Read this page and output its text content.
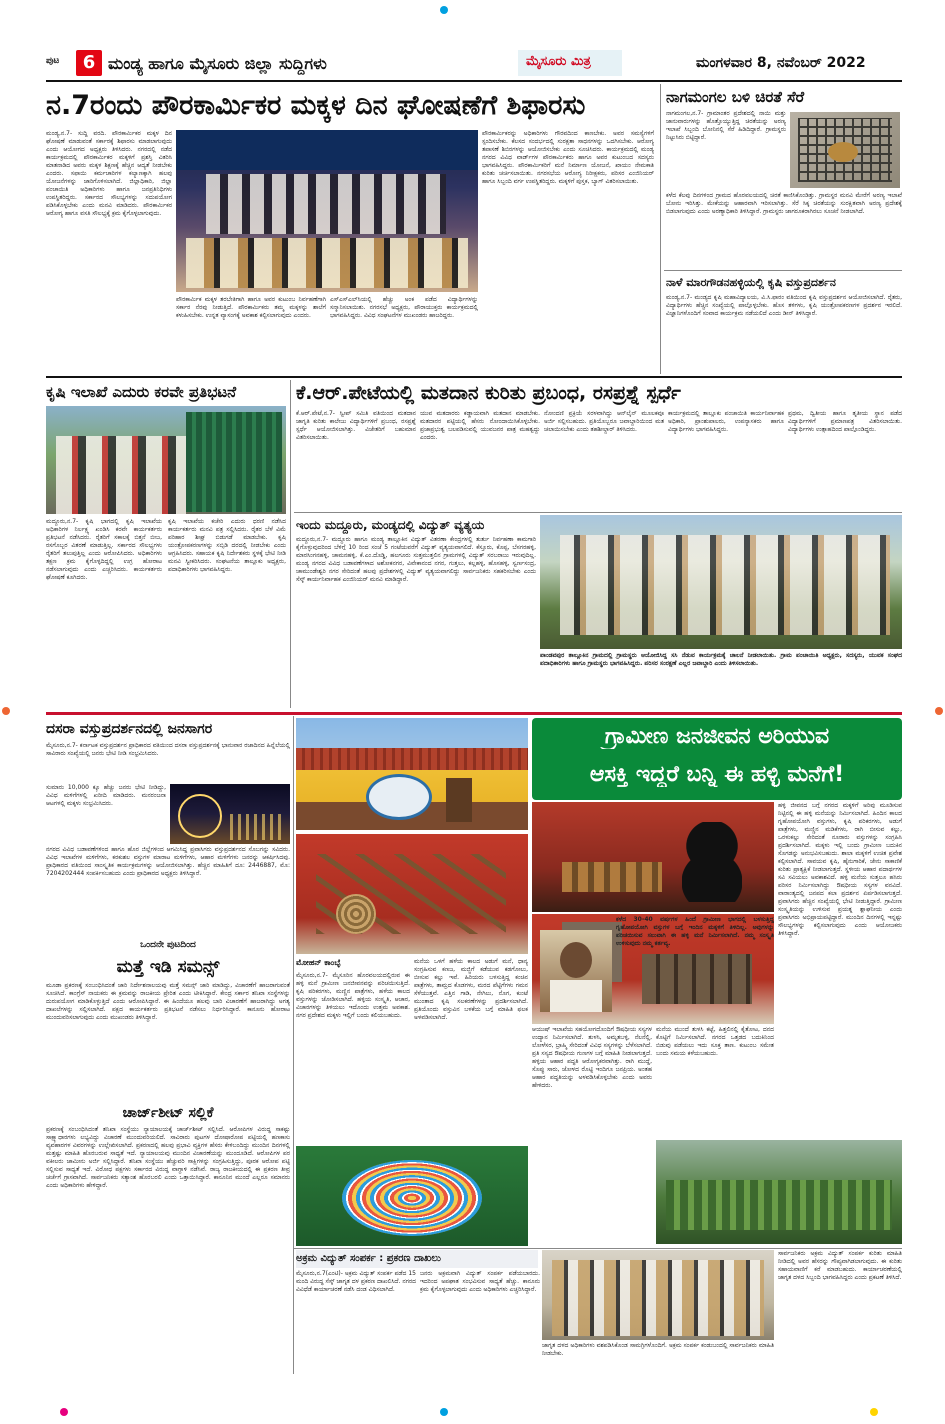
ಪುಟ	6 ಮಂಡ್ಯ ಹಾಗೂ ಮೈಸೂರು ಜಿಲ್ಲಾ ಸುದ್ದಿಗಳು	ಮೈಸೂರು ಮಿತ್ರ	ಮಂಗಳವಾರ 8, ನವೆಂಬರ್ 2022
ನ.7ರಂದು ಪೌರಕಾರ್ಮಿಕರ ಮಕ್ಕಳ ದಿನ ಘೋಷಣೆಗೆ ಶಿಫಾರಸು
ಮಂಡ್ಯ,ನ.7- ಸುದ್ದಿ ವರದಿ. ಪೌರಕಾರ್ಮಿಕರ ಮಕ್ಕಳ ದಿನ ಘೋಷಣೆ ಮಾಡುವಂತೆ ಸರ್ಕಾರಕ್ಕೆ ಶಿಫಾರಸು ಮಾಡಲಾಗುವುದು ಎಂದು ಆಯೋಗದ ಅಧ್ಯಕ್ಷರು ತಿಳಿಸಿದರು. ನಗರದಲ್ಲಿ ನಡೆದ ಕಾರ್ಯಕ್ರಮದಲ್ಲಿ ಪೌರಕಾರ್ಮಿಕರ ಮಕ್ಕಳಿಗೆ ಪ್ರಶಸ್ತಿ ವಿತರಿಸಿ ಮಾತನಾಡಿದ ಅವರು ಮಕ್ಕಳ ಶಿಕ್ಷಣಕ್ಕೆ ಹೆಚ್ಚಿನ ಆದ್ಯತೆ ನೀಡಬೇಕು ಎಂದರು. ಸಫಾಯಿ ಕರ್ಮಚಾರಿಗಳ ಕಲ್ಯಾಣಕ್ಕಾಗಿ ಹಲವು ಯೋಜನೆಗಳನ್ನು ಜಾರಿಗೊಳಿಸಲಾಗಿದೆ. ಜಿಲ್ಲಾಧಿಕಾರಿ, ಜಿಲ್ಲಾ ಪಂಚಾಯಿತಿ ಅಧಿಕಾರಿಗಳು ಹಾಗೂ ಜನಪ್ರತಿನಿಧಿಗಳು ಉಪಸ್ಥಿತರಿದ್ದರು. ಸರ್ಕಾರದ ಸೌಲಭ್ಯಗಳನ್ನು ಸದುಪಯೋಗ ಪಡಿಸಿಕೊಳ್ಳಬೇಕು ಎಂದು ಮನವಿ ಮಾಡಿದರು. ಪೌರಕಾರ್ಮಿಕರ ಆರೋಗ್ಯ ಹಾಗೂ ವಸತಿ ಸೌಲಭ್ಯಕ್ಕೆ ಕ್ರಮ ಕೈಗೊಳ್ಳಲಾಗುವುದು.
ಪೌರಕಾರ್ಮಿಕ ಮಕ್ಕಳ ತರಬೇತಿಗಾಗಿ ಹಾಗೂ ಅವರ ಕುಟುಂಬ ನಿರ್ವಹಣೆಗಾಗಿ ಸರ್ಕಾರ ನೆರವು ನೀಡುತ್ತಿದೆ. ಪೌರಕಾರ್ಮಿಕರು ತಮ್ಮ ಮಕ್ಕಳನ್ನು ಶಾಲೆಗೆ ಕಳುಹಿಸಬೇಕು. ಉನ್ನತ ವ್ಯಾಸಂಗಕ್ಕೆ ಅವಕಾಶ ಕಲ್ಪಿಸಲಾಗುವುದು ಎಂದರು.
ಎಸ್‌ಎಸ್‌ಎಲ್‌ಸಿಯಲ್ಲಿ ಹೆಚ್ಚು ಅಂಕ ಪಡೆದ ವಿದ್ಯಾರ್ಥಿಗಳನ್ನು ಸನ್ಮಾನಿಸಲಾಯಿತು. ನಗರಸಭೆ ಅಧ್ಯಕ್ಷರು, ಪೌರಾಯುಕ್ತರು ಕಾರ್ಯಕ್ರಮದಲ್ಲಿ ಭಾಗವಹಿಸಿದ್ದರು. ವಿವಿಧ ಸಂಘಟನೆಗಳ ಮುಖಂಡರು ಹಾಜರಿದ್ದರು.
ಪೌರಕಾರ್ಮಿಕರನ್ನು ಅಧಿಕಾರಿಗಳು ಗೌರವದಿಂದ ಕಾಣಬೇಕು. ಅವರ ಸಮಸ್ಯೆಗಳಿಗೆ ಸ್ಪಂದಿಸಬೇಕು. ಕೆಲಸದ ಸಂದರ್ಭದಲ್ಲಿ ಸುರಕ್ಷತಾ ಸಾಧನಗಳನ್ನು ಒದಗಿಸಬೇಕು. ಆರೋಗ್ಯ ತಪಾಸಣೆ ಶಿಬಿರಗಳನ್ನು ಆಯೋಜಿಸಬೇಕು ಎಂದು ಸೂಚಿಸಿದರು. ಕಾರ್ಯಕ್ರಮದಲ್ಲಿ ಮಂಡ್ಯ ನಗರದ ವಿವಿಧ ವಾರ್ಡ್‌ಗಳ ಪೌರಕಾರ್ಮಿಕರು ಹಾಗೂ ಅವರ ಕುಟುಂಬದ ಸದಸ್ಯರು ಭಾಗವಹಿಸಿದ್ದರು. ಪೌರಕಾರ್ಮಿಕರಿಗೆ ಮನೆ ನಿರ್ಮಾಣ ಯೋಜನೆ, ಖಾಯಂ ನೇಮಕಾತಿ ಕುರಿತು ಚರ್ಚಿಸಲಾಯಿತು. ನಗರಸಭೆಯ ಆರೋಗ್ಯ ನಿರೀಕ್ಷಕರು, ಪರಿಸರ ಎಂಜಿನಿಯರ್ ಹಾಗೂ ಸಿಬ್ಬಂದಿ ವರ್ಗ ಉಪಸ್ಥಿತರಿದ್ದರು. ಮಕ್ಕಳಿಗೆ ಪುಸ್ತಕ, ಬ್ಯಾಗ್ ವಿತರಿಸಲಾಯಿತು.
ನಾಗಮಂಗಲ ಬಳಿ ಚಿರತೆ ಸೆರೆ
ನಾಗಮಂಗಲ,ನ.7- ಗ್ರಾಮಾಂತರ ಪ್ರದೇಶದಲ್ಲಿ ನಾಯಿ ಮತ್ತು ಜಾನುವಾರುಗಳನ್ನು ಹೊತ್ತೊಯ್ಯುತ್ತಿದ್ದ ಚಿರತೆಯನ್ನು ಅರಣ್ಯ ಇಲಾಖೆ ಸಿಬ್ಬಂದಿ ಬೋನಿನಲ್ಲಿ ಸೆರೆ ಹಿಡಿದಿದ್ದಾರೆ. ಗ್ರಾಮಸ್ಥರು ನಿಟ್ಟುಸಿರು ಬಿಟ್ಟಿದ್ದಾರೆ.
ಕಳೆದ ಕೆಲವು ದಿನಗಳಿಂದ ಗ್ರಾಮದ ಹೊರವಲಯದಲ್ಲಿ ಚಿರತೆ ಕಾಣಿಸಿಕೊಂಡಿತ್ತು. ಗ್ರಾಮಸ್ಥರ ಮನವಿ ಮೇರೆಗೆ ಅರಣ್ಯ ಇಲಾಖೆ ಬೋನು ಇರಿಸಿತ್ತು. ಮೇಕೆಯನ್ನು ಆಹಾರವಾಗಿ ಇರಿಸಲಾಗಿತ್ತು. ಸೆರೆ ಸಿಕ್ಕ ಚಿರತೆಯನ್ನು ಸುರಕ್ಷಿತವಾಗಿ ಅರಣ್ಯ ಪ್ರದೇಶಕ್ಕೆ ಬಿಡಲಾಗುವುದು ಎಂದು ಅರಣ್ಯಾಧಿಕಾರಿ ತಿಳಿಸಿದ್ದಾರೆ. ಗ್ರಾಮಸ್ಥರು ಜಾಗರೂಕರಾಗಿರಲು ಸೂಚನೆ ನೀಡಲಾಗಿದೆ.
ನಾಳೆ ಮಾರಗೌಡನಹಳ್ಳಿಯಲ್ಲಿ ಕೃಷಿ ವಸ್ತುಪ್ರದರ್ಶನ
ಮಂಡ್ಯ,ನ.7- ಮಂಡ್ಯದ ಕೃಷಿ ಮಹಾವಿದ್ಯಾಲಯ, ವಿ.ಸಿ.ಫಾರಂ ವತಿಯಿಂದ ಕೃಷಿ ವಸ್ತುಪ್ರದರ್ಶನ ಆಯೋಜಿಸಲಾಗಿದೆ. ರೈತರು, ವಿದ್ಯಾರ್ಥಿಗಳು ಹೆಚ್ಚಿನ ಸಂಖ್ಯೆಯಲ್ಲಿ ಪಾಲ್ಗೊಳ್ಳಬೇಕು. ಹೊಸ ತಳಿಗಳು, ಕೃಷಿ ಯಂತ್ರೋಪಕರಣಗಳ ಪ್ರದರ್ಶನ ಇರಲಿದೆ. ವಿಜ್ಞಾನಿಗಳೊಂದಿಗೆ ಸಂವಾದ ಕಾರ್ಯಕ್ರಮ ನಡೆಯಲಿದೆ ಎಂದು ಡೀನ್ ತಿಳಿಸಿದ್ದಾರೆ.
ಕೃಷಿ ಇಲಾಖೆ ಎದುರು ಕರವೇ ಪ್ರತಿಭಟನೆ
ಮದ್ದೂರು,ನ.7- ಕೃಷಿ ಭಾಗದಲ್ಲಿ ಕೃಷಿ ಇಲಾಖೆಯ ಅಧಿಕಾರಿಗಳ ನಿರ್ಲಕ್ಷ್ಯ ಖಂಡಿಸಿ ಕರವೇ ಕಾರ್ಯಕರ್ತರು ಪ್ರತಿಭಟನೆ ನಡೆಸಿದರು. ರೈತರಿಗೆ ಸಕಾಲಕ್ಕೆ ಬಿತ್ತನೆ ಬೀಜ, ರಸಗೊಬ್ಬರ ವಿತರಣೆ ಮಾಡುತ್ತಿಲ್ಲ. ಸರ್ಕಾರದ ಸೌಲಭ್ಯಗಳು ರೈತರಿಗೆ ತಲುಪುತ್ತಿಲ್ಲ ಎಂದು ಆರೋಪಿಸಿದರು. ಅಧಿಕಾರಿಗಳು ತಕ್ಷಣ ಕ್ರಮ ಕೈಗೊಳ್ಳದಿದ್ದಲ್ಲಿ ಉಗ್ರ ಹೋರಾಟ ನಡೆಸಲಾಗುವುದು ಎಂದು ಎಚ್ಚರಿಸಿದರು. ಕಾರ್ಯಕರ್ತರು ಘೋಷಣೆ ಕೂಗಿದರು.
ಕೃಷಿ ಇಲಾಖೆಯ ಕಚೇರಿ ಎದುರು ಧರಣಿ ನಡೆಸಿದ ಕಾರ್ಯಕರ್ತರು ಮನವಿ ಪತ್ರ ಸಲ್ಲಿಸಿದರು. ರೈತರ ಬೆಳೆ ವಿಮೆ ಪರಿಹಾರ ಶೀಘ್ರ ಬಿಡುಗಡೆ ಮಾಡಬೇಕು. ಕೃಷಿ ಯಂತ್ರೋಪಕರಣಗಳನ್ನು ಸಬ್ಸಿಡಿ ದರದಲ್ಲಿ ನೀಡಬೇಕು ಎಂದು ಆಗ್ರಹಿಸಿದರು. ಸಹಾಯಕ ಕೃಷಿ ನಿರ್ದೇಶಕರು ಸ್ಥಳಕ್ಕೆ ಭೇಟಿ ನೀಡಿ ಮನವಿ ಸ್ವೀಕರಿಸಿದರು. ಸಂಘಟನೆಯ ತಾಲ್ಲೂಕು ಅಧ್ಯಕ್ಷರು, ಪದಾಧಿಕಾರಿಗಳು ಭಾಗವಹಿಸಿದ್ದರು.
ಕೆ.ಆರ್.ಪೇಟೆಯಲ್ಲಿ ಮತದಾನ ಕುರಿತು ಪ್ರಬಂಧ, ರಸಪ್ರಶ್ನೆ ಸ್ಪರ್ಧೆ
ಕೆ.ಆರ್.ಪೇಟೆ,ನ.7- ಸ್ವೀಪ್ ಸಮಿತಿ ವತಿಯಿಂದ ಮತದಾನ ಜಾಗೃತಿ ಕುರಿತು ಕಾಲೇಜು ವಿದ್ಯಾರ್ಥಿಗಳಿಗೆ ಪ್ರಬಂಧ, ರಸಪ್ರಶ್ನೆ ಸ್ಪರ್ಧೆ ಆಯೋಜಿಸಲಾಗಿತ್ತು. ವಿಜೇತರಿಗೆ ಬಹುಮಾನ ವಿತರಿಸಲಾಯಿತು.
ಯುವ ಮತದಾರರು ಕಡ್ಡಾಯವಾಗಿ ಮತದಾನ ಮಾಡಬೇಕು. ಮತದಾರರ ಪಟ್ಟಿಯಲ್ಲಿ ಹೆಸರು ನೋಂದಾಯಿಸಿಕೊಳ್ಳಬೇಕು. ಪ್ರಜಾಪ್ರಭುತ್ವ ಬಲಪಡಿಸುವಲ್ಲಿ ಯುವಜನರ ಪಾತ್ರ ಮಹತ್ವದ್ದು ಎಂದರು.
ನೋಂದಣಿ ಪ್ರಕ್ರಿಯೆ ಸರಳವಾಗಿದ್ದು ಆನ್‌ಲೈನ್ ಮೂಲಕವೂ ಅರ್ಜಿ ಸಲ್ಲಿಸಬಹುದು. ಪ್ರತಿಯೊಬ್ಬರೂ ಜವಾಬ್ದಾರಿಯಿಂದ ಮತ ಚಲಾಯಿಸಬೇಕು ಎಂದು ತಹಶೀಲ್ದಾರ್ ತಿಳಿಸಿದರು.
ಕಾರ್ಯಕ್ರಮದಲ್ಲಿ ತಾಲ್ಲೂಕು ಪಂಚಾಯಿತಿ ಕಾರ್ಯನಿರ್ವಾಹಕ ಅಧಿಕಾರಿ, ಪ್ರಾಂಶುಪಾಲರು, ಉಪನ್ಯಾಸಕರು ಹಾಗೂ ವಿದ್ಯಾರ್ಥಿಗಳು ಭಾಗವಹಿಸಿದ್ದರು.
ಪ್ರಥಮ, ದ್ವಿತೀಯ ಹಾಗೂ ತೃತೀಯ ಸ್ಥಾನ ಪಡೆದ ವಿದ್ಯಾರ್ಥಿಗಳಿಗೆ ಪ್ರಮಾಣಪತ್ರ ವಿತರಿಸಲಾಯಿತು. ವಿದ್ಯಾರ್ಥಿಗಳು ಉತ್ಸಾಹದಿಂದ ಪಾಲ್ಗೊಂಡಿದ್ದರು.
ಇಂದು ಮದ್ದೂರು, ಮಂಡ್ಯದಲ್ಲಿ ವಿದ್ಯುತ್ ವ್ಯತ್ಯಯ
ಮದ್ದೂರು,ನ.7- ಮದ್ದೂರು ಹಾಗೂ ಮಂಡ್ಯ ತಾಲ್ಲೂಕಿನ ವಿದ್ಯುತ್ ವಿತರಣಾ ಕೇಂದ್ರಗಳಲ್ಲಿ ತುರ್ತು ನಿರ್ವಹಣಾ ಕಾಮಗಾರಿ ಕೈಗೊಳ್ಳುವುದರಿಂದ ಬೆಳಿಗ್ಗೆ 10 ರಿಂದ ಸಂಜೆ 5 ಗಂಟೆಯವರೆಗೆ ವಿದ್ಯುತ್ ವ್ಯತ್ಯಯವಾಗಲಿದೆ. ಕೆಸ್ತೂರು, ಕೊಪ್ಪ, ಬೆಸಗರಹಳ್ಳಿ, ಮಾರಸಿಂಗನಹಳ್ಳಿ, ಚಾಮನಹಳ್ಳಿ, ಕೆ.ಎಂ.ದೊಡ್ಡಿ, ಹಲಗೂರು ಸುತ್ತಮುತ್ತಲಿನ ಗ್ರಾಮಗಳಲ್ಲಿ ವಿದ್ಯುತ್ ಸರಬರಾಜು ಇರುವುದಿಲ್ಲ. ಮಂಡ್ಯ ನಗರದ ವಿವಿಧ ಬಡಾವಣೆಗಳಾದ ಅಶೋಕನಗರ, ವಿವೇಕಾನಂದ ನಗರ, ಗುತ್ತಲು, ಕಲ್ಲಹಳ್ಳಿ, ಹೊಸಹಳ್ಳಿ, ಸ್ವರ್ಣಸಂದ್ರ, ಚಾಮುಂಡೇಶ್ವರಿ ನಗರ ಸೇರಿದಂತೆ ಹಲವು ಪ್ರದೇಶಗಳಲ್ಲಿ ವಿದ್ಯುತ್ ವ್ಯತ್ಯಯವಾಗಲಿದ್ದು ಸಾರ್ವಜನಿಕರು ಸಹಕರಿಸಬೇಕು ಎಂದು ಸೆಸ್ಕ್ ಕಾರ್ಯನಿರ್ವಾಹಕ ಎಂಜಿನಿಯರ್ ಮನವಿ ಮಾಡಿದ್ದಾರೆ.
ಪಾಂಡವಪುರ ತಾಲ್ಲೂಕಿನ ಗ್ರಾಮದಲ್ಲಿ ಗ್ರಾಮಸ್ಥರು ಆಯೋಜಿಸಿದ್ದ ಸಸಿ ನೆಡುವ ಕಾರ್ಯಕ್ರಮಕ್ಕೆ ಚಾಲನೆ ನೀಡಲಾಯಿತು. ಗ್ರಾಮ ಪಂಚಾಯಿತಿ ಅಧ್ಯಕ್ಷರು, ಸದಸ್ಯರು, ಯುವಕ ಸಂಘದ ಪದಾಧಿಕಾರಿಗಳು ಹಾಗೂ ಗ್ರಾಮಸ್ಥರು ಭಾಗವಹಿಸಿದ್ದರು. ಪರಿಸರ ಸಂರಕ್ಷಣೆ ಎಲ್ಲರ ಜವಾಬ್ದಾರಿ ಎಂದು ತಿಳಿಸಲಾಯಿತು.
ದಸರಾ ವಸ್ತುಪ್ರದರ್ಶನದಲ್ಲಿ ಜನಸಾಗರ
ಮೈಸೂರು,ನ.7- ಕರ್ನಾಟಕ ವಸ್ತುಪ್ರದರ್ಶನ ಪ್ರಾಧಿಕಾರದ ವತಿಯಿಂದ ದಸರಾ ವಸ್ತುಪ್ರದರ್ಶನಕ್ಕೆ ಭಾನುವಾರ ರಜಾದಿನದ ಹಿನ್ನೆಲೆಯಲ್ಲಿ ಸಾವಿರಾರು ಸಂಖ್ಯೆಯಲ್ಲಿ ಜನರು ಭೇಟಿ ನೀಡಿ ಸಂಭ್ರಮಿಸಿದರು.
ಸುಮಾರು 10,000 ಕ್ಕೂ ಹೆಚ್ಚು ಜನರು ಭೇಟಿ ನೀಡಿದ್ದು, ವಿವಿಧ ಮಳಿಗೆಗಳಲ್ಲಿ ಖರೀದಿ ಮಾಡಿದರು. ಮನರಂಜನಾ ಆಟಗಳಲ್ಲಿ ಮಕ್ಕಳು ಸಂಭ್ರಮಿಸಿದರು.
ನಗರದ ವಿವಿಧ ಬಡಾವಣೆಗಳಿಂದ ಹಾಗೂ ಹೊರ ಜಿಲ್ಲೆಗಳಿಂದ ಆಗಮಿಸಿದ್ದ ಪ್ರವಾಸಿಗರು ವಸ್ತುಪ್ರದರ್ಶನದ ಸೊಬಗನ್ನು ಸವಿದರು. ವಿವಿಧ ಇಲಾಖೆಗಳ ಮಳಿಗೆಗಳು, ಕರಕುಶಲ ವಸ್ತುಗಳ ಮಾರಾಟ ಮಳಿಗೆಗಳು, ಆಹಾರ ಮಳಿಗೆಗಳು ಜನರನ್ನು ಆಕರ್ಷಿಸಿದವು. ಪ್ರಾಧಿಕಾರದ ವತಿಯಿಂದ ಸಾಂಸ್ಕೃತಿಕ ಕಾರ್ಯಕ್ರಮಗಳನ್ನು ಆಯೋಜಿಸಲಾಗಿತ್ತು. ಹೆಚ್ಚಿನ ಮಾಹಿತಿಗೆ ದೂ: 2446887, ಮೊ: 7204202444 ಸಂಪರ್ಕಿಸಬಹುದು ಎಂದು ಪ್ರಾಧಿಕಾರದ ಅಧ್ಯಕ್ಷರು ತಿಳಿಸಿದ್ದಾರೆ.
ಒಂದನೇ ಪುಟದಿಂದ
ಮತ್ತೆ ಇಡಿ ಸಮನ್ಸ್
ಮೂಡಾ ಪ್ರಕರಣಕ್ಕೆ ಸಂಬಂಧಿಸಿದಂತೆ ಜಾರಿ ನಿರ್ದೇಶನಾಲಯವು ಮತ್ತೆ ಸಮನ್ಸ್ ಜಾರಿ ಮಾಡಿದ್ದು, ವಿಚಾರಣೆಗೆ ಹಾಜರಾಗುವಂತೆ ಸೂಚಿಸಿದೆ. ಕಾಂಗ್ರೆಸ್ ನಾಯಕರು ಈ ಕ್ರಮವನ್ನು ರಾಜಕೀಯ ಪ್ರೇರಿತ ಎಂದು ಟೀಕಿಸಿದ್ದಾರೆ. ಕೇಂದ್ರ ಸರ್ಕಾರ ತನಿಖಾ ಸಂಸ್ಥೆಗಳನ್ನು ದುರುಪಯೋಗ ಮಾಡಿಕೊಳ್ಳುತ್ತಿದೆ ಎಂದು ಆರೋಪಿಸಿದ್ದಾರೆ. ಈ ಹಿಂದೆಯೂ ಹಲವು ಬಾರಿ ವಿಚಾರಣೆಗೆ ಹಾಜರಾಗಿದ್ದು ಅಗತ್ಯ ದಾಖಲೆಗಳನ್ನು ಸಲ್ಲಿಸಲಾಗಿದೆ. ಪಕ್ಷದ ಕಾರ್ಯಕರ್ತರು ಪ್ರತಿಭಟನೆ ನಡೆಸಲು ನಿರ್ಧರಿಸಿದ್ದಾರೆ. ಕಾನೂನು ಹೋರಾಟ ಮುಂದುವರಿಸಲಾಗುವುದು ಎಂದು ಮುಖಂಡರು ತಿಳಿಸಿದ್ದಾರೆ.
ಚಾರ್ಜ್‌ಶೀಟ್ ಸಲ್ಲಿಕೆ
ಪ್ರಕರಣಕ್ಕೆ ಸಂಬಂಧಿಸಿದಂತೆ ತನಿಖಾ ಸಂಸ್ಥೆಯು ನ್ಯಾಯಾಲಯಕ್ಕೆ ಚಾರ್ಜ್‌ಶೀಟ್ ಸಲ್ಲಿಸಿದೆ. ಆರೋಪಿಗಳ ವಿರುದ್ಧ ಸಾಕಷ್ಟು ಸಾಕ್ಷ್ಯಾಧಾರಗಳು ಲಭ್ಯವಿದ್ದು ವಿಚಾರಣೆ ಮುಂದುವರಿಯಲಿದೆ. ಸಾವಿರಾರು ಪುಟಗಳ ದೋಷಾರೋಪ ಪಟ್ಟಿಯಲ್ಲಿ ಹಣಕಾಸು ವ್ಯವಹಾರಗಳ ವಿವರಗಳನ್ನು ಉಲ್ಲೇಖಿಸಲಾಗಿದೆ. ಪ್ರಕರಣದಲ್ಲಿ ಹಲವು ಪ್ರಭಾವಿ ವ್ಯಕ್ತಿಗಳ ಹೆಸರು ಕೇಳಿಬಂದಿದ್ದು ಮುಂದಿನ ದಿನಗಳಲ್ಲಿ ಮತ್ತಷ್ಟು ಮಾಹಿತಿ ಹೊರಬರುವ ಸಾಧ್ಯತೆ ಇದೆ. ನ್ಯಾಯಾಲಯವು ಮುಂದಿನ ವಿಚಾರಣೆಯನ್ನು ಮುಂದೂಡಿದೆ. ಆರೋಪಿಗಳ ಪರ ವಕೀಲರು ಜಾಮೀನು ಅರ್ಜಿ ಸಲ್ಲಿಸಿದ್ದಾರೆ. ತನಿಖಾ ಸಂಸ್ಥೆಯು ಹೆಚ್ಚುವರಿ ಸಾಕ್ಷಿಗಳನ್ನು ಸಂಗ್ರಹಿಸುತ್ತಿದ್ದು, ಪೂರಕ ಆರೋಪ ಪಟ್ಟಿ ಸಲ್ಲಿಸುವ ಸಾಧ್ಯತೆ ಇದೆ. ವಿರೋಧ ಪಕ್ಷಗಳು ಸರ್ಕಾರದ ವಿರುದ್ಧ ವಾಗ್ದಾಳಿ ನಡೆಸಿವೆ. ರಾಜ್ಯ ರಾಜಕೀಯದಲ್ಲಿ ಈ ಪ್ರಕರಣ ತೀವ್ರ ಚರ್ಚೆಗೆ ಗ್ರಾಸವಾಗಿದೆ. ಸಾರ್ವಜನಿಕರು ಸತ್ಯಾಂಶ ಹೊರಬರಲಿ ಎಂದು ಒತ್ತಾಯಿಸಿದ್ದಾರೆ. ಕಾನೂನಿನ ಮುಂದೆ ಎಲ್ಲರೂ ಸಮಾನರು ಎಂದು ಅಧಿಕಾರಿಗಳು ಹೇಳಿದ್ದಾರೆ.
ಗ್ರಾಮೀಣ ಜನಜೀವನ ಅರಿಯುವ
ಆಸಕ್ತಿ ಇದ್ದರೆ ಬನ್ನಿ ಈ ಹಳ್ಳಿ ಮನೆಗೆ!
ಹಳ್ಳಿ ಜೀವನದ ಬಗ್ಗೆ ನಗರದ ಮಕ್ಕಳಿಗೆ ಅರಿವು ಮೂಡಿಸುವ ನಿಟ್ಟಿನಲ್ಲಿ ಈ ಹಳ್ಳಿ ಮನೆಯನ್ನು ನಿರ್ಮಿಸಲಾಗಿದೆ. ಹಿಂದಿನ ಕಾಲದ ಗೃಹೋಪಯೋಗಿ ವಸ್ತುಗಳು, ಕೃಷಿ ಪರಿಕರಗಳು, ಅಡುಗೆ ಪಾತ್ರೆಗಳು, ಮಣ್ಣಿನ ಮಡಿಕೆಗಳು, ರಾಗಿ ಬೀಸುವ ಕಲ್ಲು, ಒರಳುಕಲ್ಲು ಸೇರಿದಂತೆ ನೂರಾರು ವಸ್ತುಗಳನ್ನು ಸಂಗ್ರಹಿಸಿ ಪ್ರದರ್ಶಿಸಲಾಗಿದೆ. ಮಕ್ಕಳು ಇಲ್ಲಿ ಬಂದು ಗ್ರಾಮೀಣ ಬದುಕಿನ ಸೊಗಡನ್ನು ಅನುಭವಿಸಬಹುದು. ಶಾಲಾ ಮಕ್ಕಳಿಗೆ ಉಚಿತ ಪ್ರವೇಶ ಕಲ್ಪಿಸಲಾಗಿದೆ. ಸಾವಯವ ಕೃಷಿ, ಹೈನುಗಾರಿಕೆ, ಜೇನು ಸಾಕಾಣಿಕೆ ಕುರಿತು ಪ್ರಾತ್ಯಕ್ಷಿಕೆ ನೀಡಲಾಗುತ್ತದೆ. ಸ್ಥಳೀಯ ಆಹಾರ ಪದಾರ್ಥಗಳ ಸವಿ ಸವಿಯಲು ಅವಕಾಶವಿದೆ. ಹಳ್ಳಿ ಮನೆಯ ಸುತ್ತಲೂ ಹಸಿರು ಪರಿಸರ ನಿರ್ಮಿಸಲಾಗಿದ್ದು ಔಷಧೀಯ ಸಸ್ಯಗಳ ವನವಿದೆ. ವಾರಾಂತ್ಯದಲ್ಲಿ ಜನಪದ ಕಲಾ ಪ್ರದರ್ಶನ ಏರ್ಪಡಿಸಲಾಗುತ್ತದೆ. ಪ್ರವಾಸಿಗರು ಹೆಚ್ಚಿನ ಸಂಖ್ಯೆಯಲ್ಲಿ ಭೇಟಿ ನೀಡುತ್ತಿದ್ದಾರೆ. ಗ್ರಾಮೀಣ ಸಂಸ್ಕೃತಿಯನ್ನು ಉಳಿಸುವ ಪ್ರಯತ್ನ ಶ್ಲಾಘನೀಯ ಎಂದು ಪ್ರವಾಸಿಗರು ಅಭಿಪ್ರಾಯಪಟ್ಟಿದ್ದಾರೆ. ಮುಂದಿನ ದಿನಗಳಲ್ಲಿ ಇನ್ನಷ್ಟು ಸೌಲಭ್ಯಗಳನ್ನು ಕಲ್ಪಿಸಲಾಗುವುದು ಎಂದು ಆಯೋಜಕರು ತಿಳಿಸಿದ್ದಾರೆ.
ಮೋಹನ್ ಕಾಂಬ್ಳೆ
ಮೈಸೂರು,ನ.7- ಮೈಸೂರಿನ ಹೊರವಲಯದಲ್ಲಿರುವ ಈ ಹಳ್ಳಿ ಮನೆ ಗ್ರಾಮೀಣ ಜನಜೀವನವನ್ನು ಪರಿಚಯಿಸುತ್ತಿದೆ. ಕೃಷಿ ಪರಿಕರಗಳು, ಮಣ್ಣಿನ ಪಾತ್ರೆಗಳು, ಹಳೆಯ ಕಾಲದ ವಸ್ತುಗಳನ್ನು ಜೋಡಿಸಲಾಗಿದೆ. ಹಳ್ಳಿಯ ಸಂಸ್ಕೃತಿ, ಆಚಾರ, ವಿಚಾರಗಳನ್ನು ತಿಳಿಯಲು ಇದೊಂದು ಉತ್ತಮ ಅವಕಾಶ. ನಗರ ಪ್ರದೇಶದ ಮಕ್ಕಳು ಇಲ್ಲಿಗೆ ಬಂದು ಕಲಿಯಬಹುದು.
ಮನೆಯ ಒಳಗೆ ಹಳೆಯ ಕಾಲದ ಅಡುಗೆ ಮನೆ, ಧಾನ್ಯ ಸಂಗ್ರಹಿಸುವ ಕಣಜ, ಮಜ್ಜಿಗೆ ಕಡೆಯುವ ಕಡಗೋಲು, ಬೀಸುವ ಕಲ್ಲು ಇವೆ. ಹಿರಿಯರು ಬಳಸುತ್ತಿದ್ದ ಕಂಚಿನ ಪಾತ್ರೆಗಳು, ತಾಮ್ರದ ಕೊಡಗಳು, ಮರದ ಪೆಟ್ಟಿಗೆಗಳು ಗಮನ ಸೆಳೆಯುತ್ತವೆ. ಎತ್ತಿನ ಗಾಡಿ, ನೇಗಿಲು, ನೊಗ, ಕುಂಟೆ ಮುಂತಾದ ಕೃಷಿ ಸಲಕರಣೆಗಳನ್ನು ಪ್ರದರ್ಶಿಸಲಾಗಿದೆ. ಪ್ರತಿಯೊಂದು ವಸ್ತುವಿನ ಬಳಕೆಯ ಬಗ್ಗೆ ಮಾಹಿತಿ ಫಲಕ ಅಳವಡಿಸಲಾಗಿದೆ.
ಕಳೆದ 30-40 ವರ್ಷಗಳ ಹಿಂದೆ ಗ್ರಾಮೀಣ ಭಾಗದಲ್ಲಿ ಬಳಸುತ್ತಿದ್ದ ಗೃಹೋಪಯೋಗಿ ವಸ್ತುಗಳ ಬಗ್ಗೆ ಇಂದಿನ ಮಕ್ಕಳಿಗೆ ತಿಳಿದಿಲ್ಲ. ಅವುಗಳನ್ನು ಪರಿಚಯಿಸುವ ಸಲುವಾಗಿ ಈ ಹಳ್ಳಿ ಮನೆ ನಿರ್ಮಿಸಲಾಗಿದೆ. ನಮ್ಮ ಸಂಸ್ಕೃತಿ ಉಳಿಸುವುದು ನಮ್ಮ ಕರ್ತವ್ಯ.
ಆಯುಷ್ ಇಲಾಖೆಯ ಸಹಯೋಗದೊಂದಿಗೆ ಔಷಧೀಯ ಸಸ್ಯಗಳ ಉದ್ಯಾನ ನಿರ್ಮಿಸಲಾಗಿದೆ. ತುಳಸಿ, ಅಮೃತಬಳ್ಳಿ, ನೆಲನೆಲ್ಲಿ, ಲೋಳೆಸರ, ಬ್ರಾಹ್ಮಿ ಸೇರಿದಂತೆ ವಿವಿಧ ಸಸ್ಯಗಳನ್ನು ಬೆಳೆಸಲಾಗಿದೆ. ಪ್ರತಿ ಸಸ್ಯದ ಔಷಧೀಯ ಗುಣಗಳ ಬಗ್ಗೆ ಮಾಹಿತಿ ನೀಡಲಾಗುತ್ತದೆ. ಹಳ್ಳಿಯ ಆಹಾರ ಪದ್ಧತಿ ಆರೋಗ್ಯಕರವಾಗಿತ್ತು. ರಾಗಿ ಮುದ್ದೆ, ಸೊಪ್ಪು ಸಾರು, ಜೋಳದ ರೊಟ್ಟಿ ಇಂದಿಗೂ ಜನಪ್ರಿಯ. ಅಂತಹ ಆಹಾರ ಪದ್ಧತಿಯನ್ನು ಅಳವಡಿಸಿಕೊಳ್ಳಬೇಕು ಎಂದು ಅವರು ಹೇಳಿದರು.
ಮನೆಯ ಮುಂದೆ ತುಳಸಿ ಕಟ್ಟೆ, ಹಿತ್ತಲಿನಲ್ಲಿ ಕೈತೋಟ, ದನದ ಕೊಟ್ಟಿಗೆ ನಿರ್ಮಿಸಲಾಗಿದೆ. ನಗರದ ಒತ್ತಡದ ಬದುಕಿನಿಂದ ಬಿಡುವು ಪಡೆಯಲು ಇದು ಸೂಕ್ತ ತಾಣ. ಕುಟುಂಬ ಸಮೇತ ಬಂದು ಸಮಯ ಕಳೆಯಬಹುದು.
ಅಕ್ರಮ ವಿದ್ಯುತ್ ಸಂಪರ್ಕ : ಪ್ರಕರಣ ದಾಖಲು
ಮೈಸೂರು,ನ.7(ಎಂಟಿ)- ಅಕ್ರಮ ವಿದ್ಯುತ್ ಸಂಪರ್ಕ ಪಡೆದ 15 ಮಂದಿ ವಿರುದ್ಧ ಸೆಸ್ಕ್ ಜಾಗೃತ ದಳ ಪ್ರಕರಣ ದಾಖಲಿಸಿದೆ. ನಗರದ ವಿವಿಧೆಡೆ ಕಾರ್ಯಾಚರಣೆ ನಡೆಸಿ ದಂಡ ವಿಧಿಸಲಾಗಿದೆ.
ಜನರು ಅಕ್ರಮವಾಗಿ ವಿದ್ಯುತ್ ಸಂಪರ್ಕ ಪಡೆಯಬಾರದು. ಇದರಿಂದ ಅಪಘಾತ ಸಂಭವಿಸುವ ಸಾಧ್ಯತೆ ಹೆಚ್ಚು. ಕಾನೂನು ಕ್ರಮ ಕೈಗೊಳ್ಳಲಾಗುವುದು ಎಂದು ಅಧಿಕಾರಿಗಳು ಎಚ್ಚರಿಸಿದ್ದಾರೆ.
ಜಾಗೃತ ದಳದ ಅಧಿಕಾರಿಗಳು ವಶಪಡಿಸಿಕೊಂಡ ಸಾಮಗ್ರಿಗಳೊಂದಿಗೆ. ಅಕ್ರಮ ಸಂಪರ್ಕ ಕಂಡುಬಂದಲ್ಲಿ ಸಾರ್ವಜನಿಕರು ಮಾಹಿತಿ ನೀಡಬೇಕು.
ಸಾರ್ವಜನಿಕರು ಅಕ್ರಮ ವಿದ್ಯುತ್ ಸಂಪರ್ಕ ಕುರಿತು ಮಾಹಿತಿ ನೀಡಿದಲ್ಲಿ ಅವರ ಹೆಸರನ್ನು ಗೌಪ್ಯವಾಗಿಡಲಾಗುವುದು. ಈ ಕುರಿತು ಸಹಾಯವಾಣಿಗೆ ಕರೆ ಮಾಡಬಹುದು. ಕಾರ್ಯಾಚರಣೆಯಲ್ಲಿ ಜಾಗೃತ ದಳದ ಸಿಬ್ಬಂದಿ ಭಾಗವಹಿಸಿದ್ದರು ಎಂದು ಪ್ರಕಟಣೆ ತಿಳಿಸಿದೆ.
